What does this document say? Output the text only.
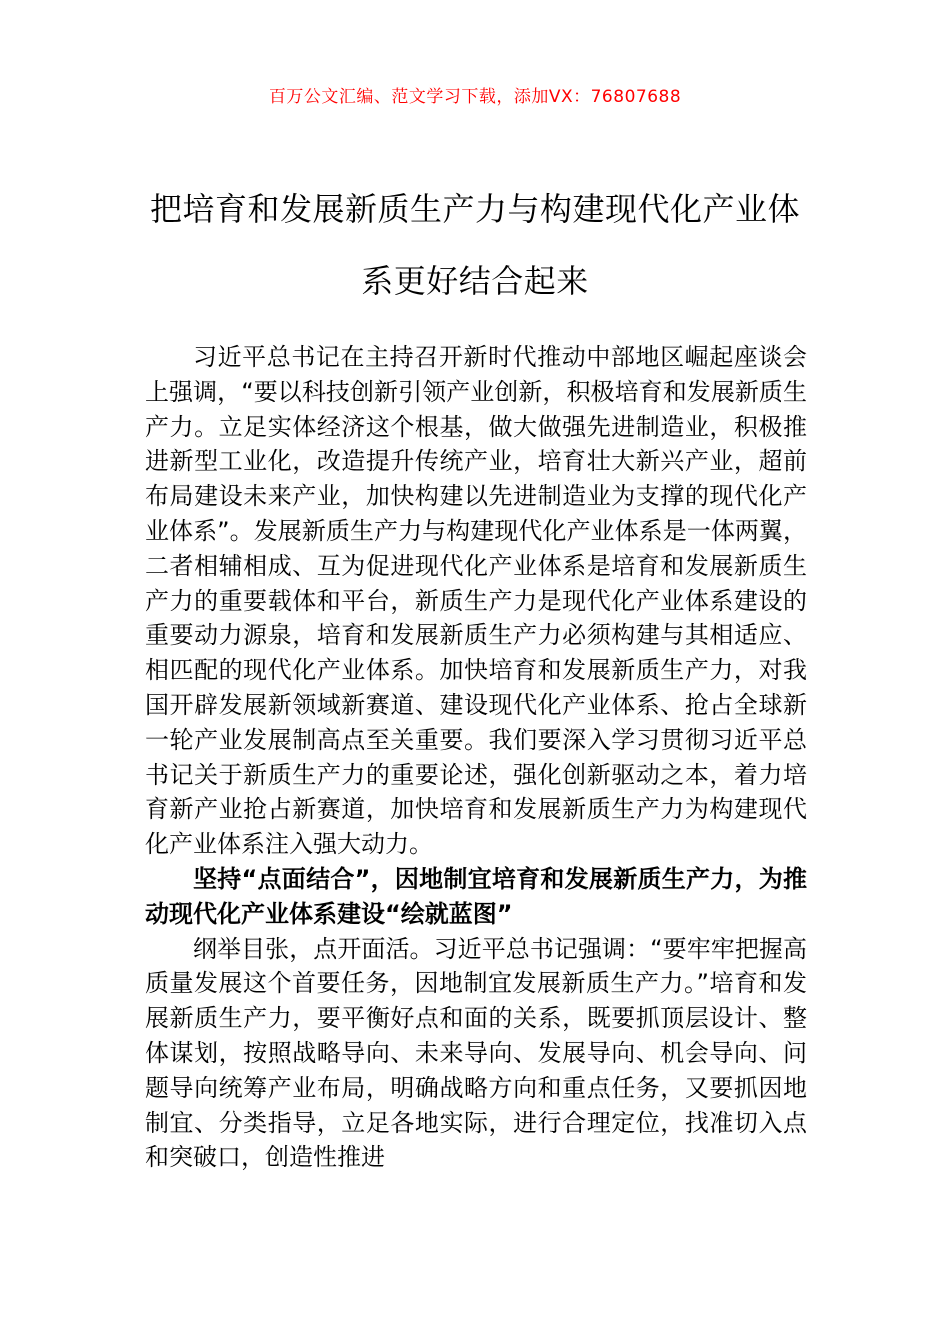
百万公文汇编、范文学习下载，添加VX：76807688
把培育和发展新质生产力与构建现代化产业体系更好结合起来

习近平总书记在主持召开新时代推动中部地区崛起座谈会上强调，“要以科技创新引领产业创新，积极培育和发展新质生产力。立足实体经济这个根基，做大做强先进制造业，积极推进新型工业化，改造提升传统产业，培育壮大新兴产业，超前布局建设未来产业，加快构建以先进制造业为支撑的现代化产业体系”。发展新质生产力与构建现代化产业体系是一体两翼，二者相辅相成、互为促进现代化产业体系是培育和发展新质生产力的重要载体和平台，新质生产力是现代化产业体系建设的重要动力源泉，培育和发展新质生产力必须构建与其相适应、相匹配的现代化产业体系。加快培育和发展新质生产力，对我国开辟发展新领域新赛道、建设现代化产业体系、抢占全球新一轮产业发展制高点至关重要。我们要深入学习贯彻习近平总书记关于新质生产力的重要论述，强化创新驱动之本，着力培育新产业抢占新赛道，加快培育和发展新质生产力为构建现代化产业体系注入强大动力。

坚持“点面结合”，因地制宜培育和发展新质生产力，为推动现代化产业体系建设“绘就蓝图”

纲举目张，点开面活。习近平总书记强调：“要牢牢把握高质量发展这个首要任务，因地制宜发展新质生产力。”培育和发展新质生产力，要平衡好点和面的关系，既要抓顶层设计、整体谋划，按照战略导向、未来导向、发展导向、机会导向、问题导向统筹产业布局，明确战略方向和重点任务，又要抓因地制宜、分类指导，立足各地实际，进行合理定位，找准切入点和突破口，创造性推进
